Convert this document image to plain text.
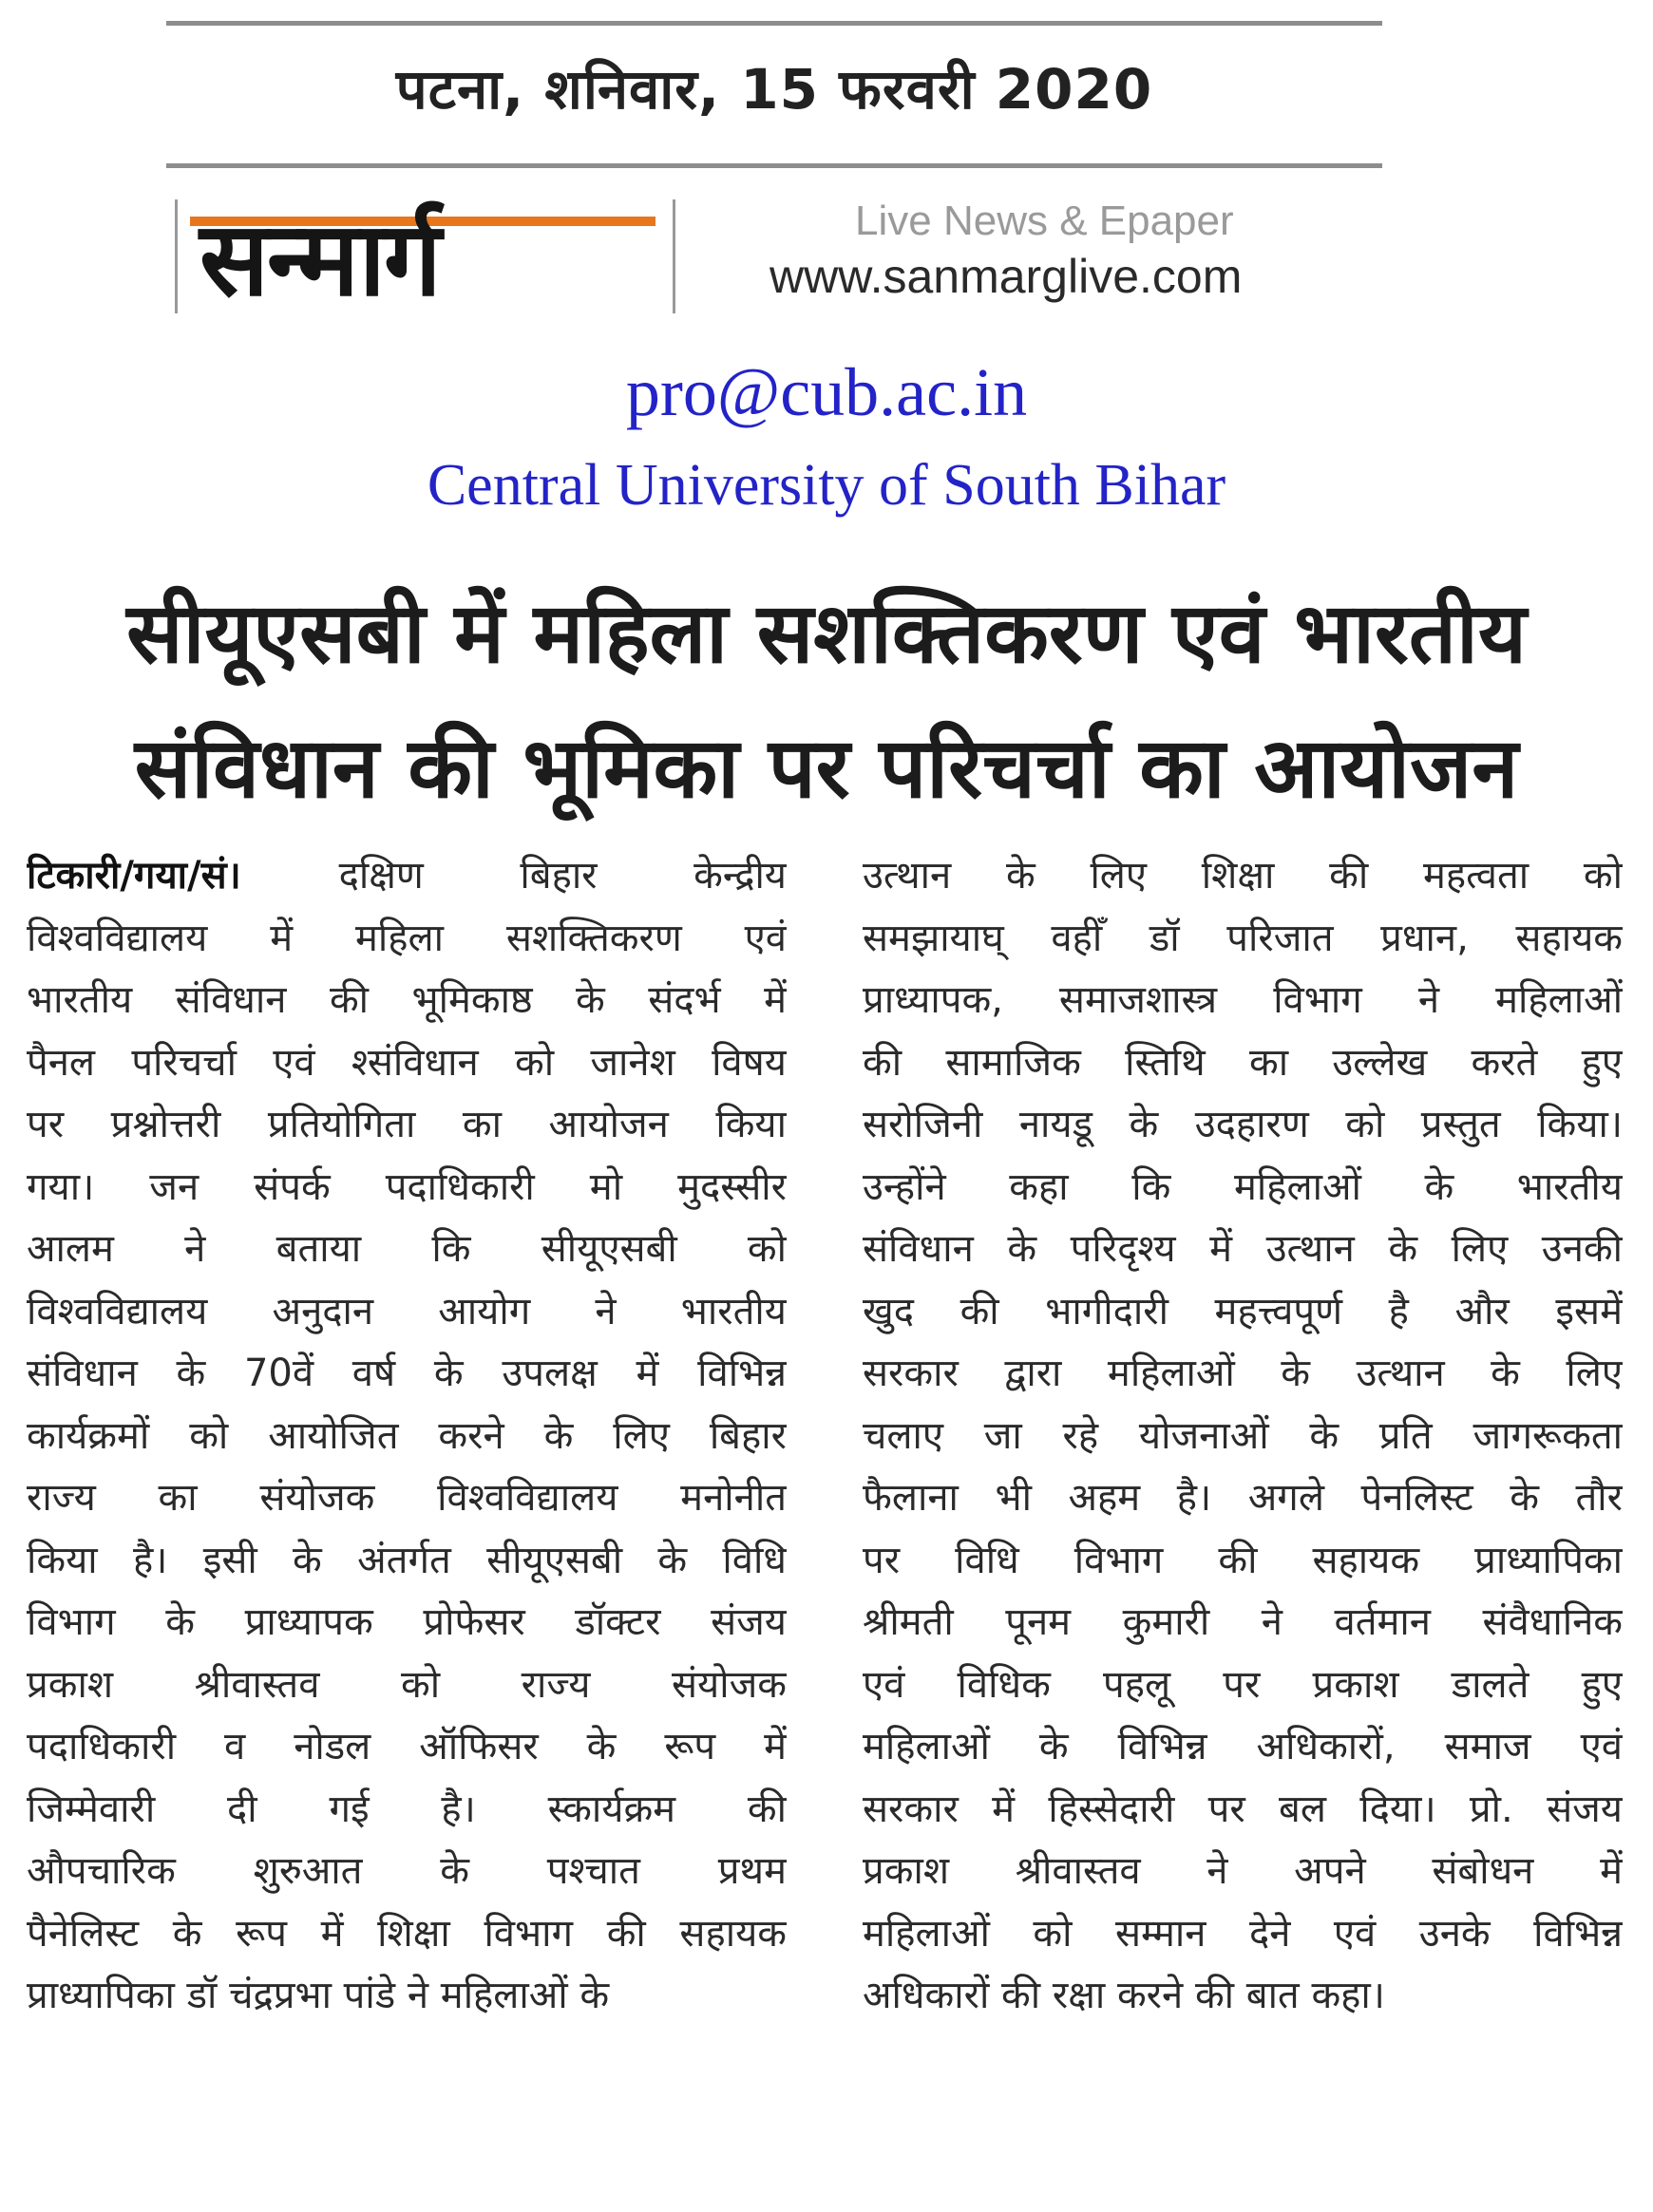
पटना, शनिवार, 15 फरवरी 2020
सन्मार्ग	Live News & Epaper
www.sanmarglive.com
pro@cub.ac.in
Central University of South Bihar
सीयूएसबी में महिला सशक्तिकरण एवं भारतीय
संविधान की भूमिका पर परिचर्चा का आयोजन
टिकारी/गया/सं। दक्षिण बिहार केन्द्रीय
विश्वविद्यालय में महिला सशक्तिकरण एवं
भारतीय संविधान की भूमिकाष्ठ के संदर्भ में
पैनल परिचर्चा एवं श्संविधान को जानेश विषय
पर प्रश्नोत्तरी प्रतियोगिता का आयोजन किया
गया। जन संपर्क पदाधिकारी मो मुदस्सीर
आलम ने बताया कि सीयूएसबी को
विश्वविद्यालय अनुदान आयोग ने भारतीय
संविधान के 70वें वर्ष के उपलक्ष में विभिन्न
कार्यक्रमों को आयोजित करने के लिए बिहार
राज्य का संयोजक विश्वविद्यालय मनोनीत
किया है। इसी के अंतर्गत सीयूएसबी के विधि
विभाग के प्राध्यापक प्रोफेसर डॉक्टर संजय
प्रकाश श्रीवास्तव को राज्य संयोजक
पदाधिकारी व नोडल ऑफिसर के रूप में
जिम्मेवारी दी गई है। स्कार्यक्रम की
औपचारिक शुरुआत के पश्चात प्रथम
पैनेलिस्ट के रूप में शिक्षा विभाग की सहायक
प्राध्यापिका डॉ चंद्रप्रभा पांडे ने महिलाओं के
उत्थान के लिए शिक्षा की महत्वता को
समझायाघ् वहीँ डॉ परिजात प्रधान, सहायक
प्राध्यापक, समाजशास्त्र विभाग ने महिलाओं
की सामाजिक स्तिथि का उल्लेख करते हुए
सरोजिनी नायडू के उदहारण को प्रस्तुत किया।
उन्होंने कहा कि महिलाओं के भारतीय
संविधान के परिदृश्य में उत्थान के लिए उनकी
खुद की भागीदारी महत्त्वपूर्ण है और इसमें
सरकार द्वारा महिलाओं के उत्थान के लिए
चलाए जा रहे योजनाओं के प्रति जागरूकता
फैलाना भी अहम है। अगले पेनलिस्ट के तौर
पर विधि विभाग की सहायक प्राध्यापिका
श्रीमती पूनम कुमारी ने वर्तमान संवैधानिक
एवं विधिक पहलू पर प्रकाश डालते हुए
महिलाओं के विभिन्न अधिकारों, समाज एवं
सरकार में हिस्सेदारी पर बल दिया। प्रो. संजय
प्रकाश श्रीवास्तव ने अपने संबोधन में
महिलाओं को सम्मान देने एवं उनके विभिन्न
अधिकारों की रक्षा करने की बात कहा।
